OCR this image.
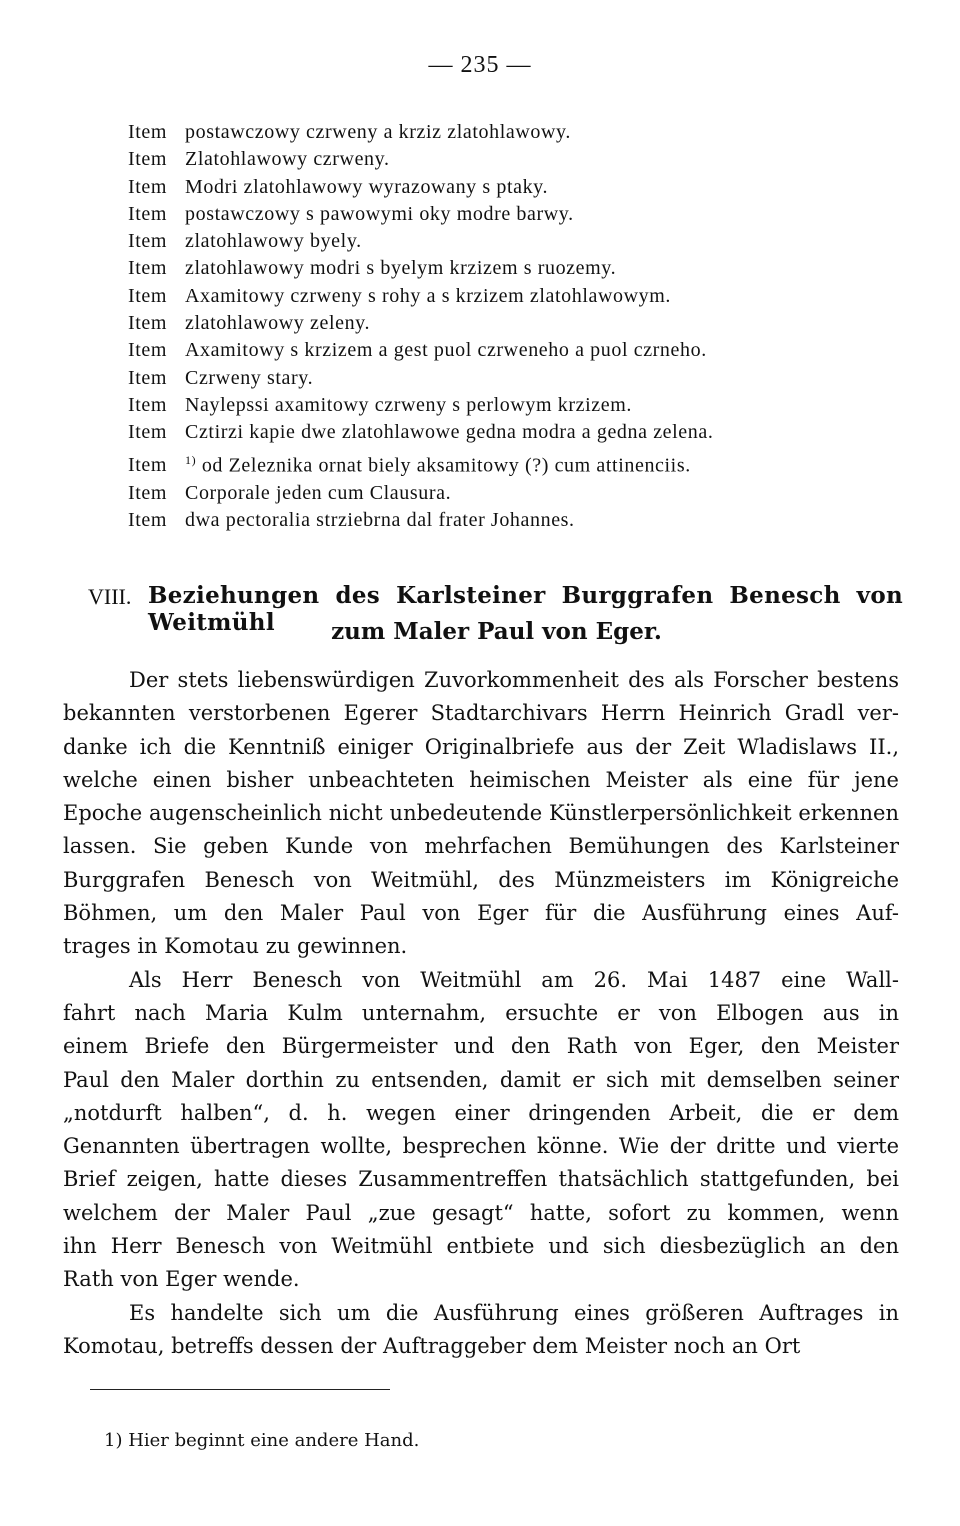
— 235 —
Item postawczowy czrweny a krziz zlatohlawowy.
Item Zlatohlawowy czrweny.
Item Modri zlatohlawowy wyrazowany s ptaky.
Item postawczowy s pawowymi oky modre barwy.
Item zlatohlawowy byely.
Item zlatohlawowy modri s byelym krzizem s ruozemy.
Item Axamitowy czrweny s rohy a s krzizem zlatohlawowym.
Item zlatohlawowy zeleny.
Item Axamitowy s krzizem a gest puol czrweneho a puol czrneho.
Item Czrweny stary.
Item Naylepssi axamitowy czrweny s perlowym krzizem.
Item Cztirzi kapie dwe zlatohlawowe gedna modra a gedna zelena.
Item $^{1)}$ od Zeleznika ornat biely aksamitowy (?) cum attinenciis.
Item Corporale jeden cum Clausura.
Item dwa pectoralia strziebrna dal frater Johannes.
VIII. Beziehungen des Karlsteiner Burggrafen Benesch von Weitmühl	zum Maler Paul von Eger.
Der stets liebenswürdigen Zuvorkommenheit des als Forscher bestens
bekannten verstorbenen Egerer Stadtarchivars Herrn Heinrich Gradl ver-
danke ich die Kenntniß einiger Originalbriefe aus der Zeit Wladislaws II.,
welche einen bisher unbeachteten heimischen Meister als eine für jene
Epoche augenscheinlich nicht unbedeutende Künstlerpersönlichkeit erkennen
lassen. Sie geben Kunde von mehrfachen Bemühungen des Karlsteiner
Burggrafen Benesch von Weitmühl, des Münzmeisters im Königreiche
Böhmen, um den Maler Paul von Eger für die Ausführung eines Auf-
trages in Komotau zu gewinnen.
Als Herr Benesch von Weitmühl am 26. Mai 1487 eine Wall-
fahrt nach Maria Kulm unternahm, ersuchte er von Elbogen aus in
einem Briefe den Bürgermeister und den Rath von Eger, den Meister
Paul den Maler dorthin zu entsenden, damit er sich mit demselben seiner
„notdurft halben“, d. h. wegen einer dringenden Arbeit, die er dem
Genannten übertragen wollte, besprechen könne. Wie der dritte und vierte
Brief zeigen, hatte dieses Zusammentreffen thatsächlich stattgefunden, bei
welchem der Maler Paul „zue gesagt“ hatte, sofort zu kommen, wenn
ihn Herr Benesch von Weitmühl entbiete und sich diesbezüglich an den
Rath von Eger wende.
Es handelte sich um die Ausführung eines größeren Auftrages in
Komotau, betreffs dessen der Auftraggeber dem Meister noch an Ort
1) Hier beginnt eine andere Hand.
